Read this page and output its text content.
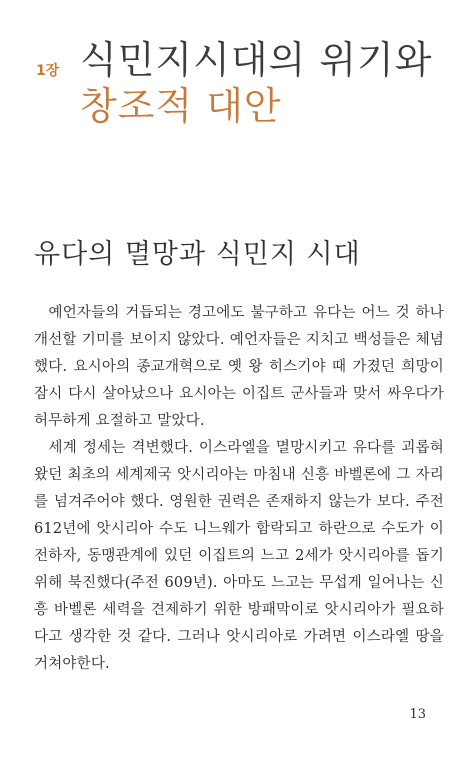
1장 식민지시대의 위기와
창조적 대안
유다의 멸망과 식민지 시대

예언자들의 거듭되는 경고에도 불구하고 유다는 어느 것 하나 개선할 기미를 보이지 않았다. 예언자들은 지치고 백성들은 체념했다. 요시아의 종교개혁으로 옛 왕 히스기야 때 가졌던 희망이 잠시 다시 살아났으나 요시아는 이집트 군사들과 맞서 싸우다가 허무하게 요절하고 말았다.

세계 정세는 격변했다. 이스라엘을 멸망시키고 유다를 괴롭혀 왔던 최초의 세계제국 앗시리아는 마침내 신흥 바벨론에 그 자리를 넘겨주어야 했다. 영원한 권력은 존재하지 않는가 보다. 주전 612년에 앗시리아 수도 니느웨가 함락되고 하란으로 수도가 이전하자, 동맹관계에 있던 이집트의 느고 2세가 앗시리아를 돕기 위해 북진했다(주전 609년). 아마도 느고는 무섭게 일어나는 신흥 바벨론 세력을 견제하기 위한 방패막이로 앗시리아가 필요하다고 생각한 것 같다. 그러나 앗시리아로 가려면 이스라엘 땅을 거쳐야한다.

13
